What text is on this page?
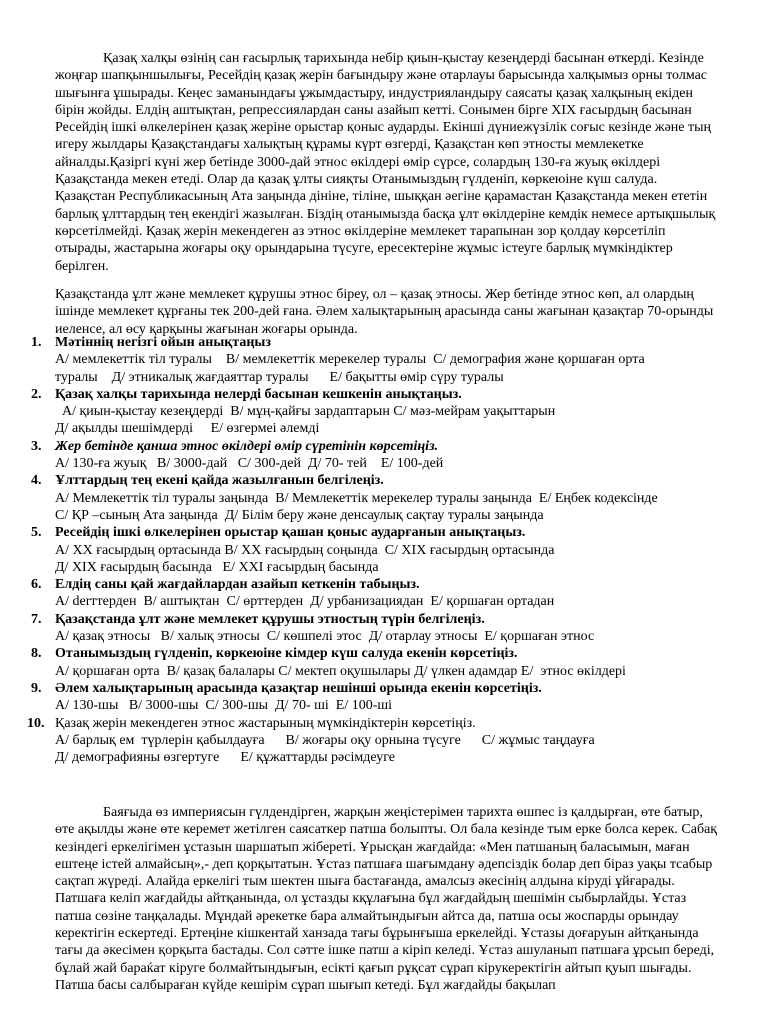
Қазақ халқы өзінің сан ғасырлық тарихында небір қиын-қыстау кезеңдерді басынан өткерді. Кезінде жоңғар шапқыншылығы, Ресейдің қазақ жерін бағындыру және отарлауы барысында халқымыз орны толмас шығынға ұшырады. Кеңес заманындағы ұжымдастыру, индустрияландыру саясаты қазақ халқының екіден бірін жойды. Елдің аштықтан, репрессиялардан саны азайып кетті. Сонымен бірге ХІХ ғасырдың басынан Ресейдің ішкі өлкелерінен қазақ жеріне орыстар қоныс аударды. Екінші дүниежүзілік соғыс кезінде және тың игеру жылдары Қазақстандағы халықтың құрамы күрт өзгерді, Қазақстан көп этносты мемлекетке айналды.Қазіргі күні жер бетінде 3000-дай этнос өкілдері өмір сүрсе, солардың 130-ға жуық өкілдері Қазақстанда мекен етеді. Олар да қазақ ұлты сияқты Отанымыздың гүлденіп, көркеюіне күш салуда. Қазақстан Республикасының Ата заңында дініне, тіліне, шыққан әегіне қарамастан Қазақстанда мекен ететін барлық ұлттардың тең екендігі жазылған. Біздің отанымызда басқа ұлт өкілдеріне кемдік немесе артықшылық көрсетілмейді. Қазақ жерін мекендеген аз этнос өкілдеріне мемлекет тарапынан зор қолдау көрсетіліп отырады, жастарына жоғары оқу орындарына түсуге, ересектеріне жұмыс істеуге барлық мүмкіндіктер берілген.

Қазақстанда ұлт және мемлекет құрушы этнос біреу, ол – қазақ этносы. Жер бетінде этнос көп, ал олардың ішінде мемлекет құрғаны тек 200-дей ғана. Әлем халықтарының арасында саны жағынан қазақтар 70-орынды иеленсе, ал өсу қарқыны жағынан жоғары орында.

1. Мәтіннің негізгі ойын анықтаңыз
А/ мемлекеттік тіл туралы    В/ мемлекеттік мерекелер туралы  С/ демография және қоршаған орта
туралы    Д/ этникалық жағдаяттар туралы      Е/ бақытты өмір сүру туралы
2. Қазақ халқы тарихында нелерді басынан кешкенін анықтаңыз.
А/ қиын-қыстау кезеңдерді  В/ мұң-қайғы зардаптарын С/ мәз-мейрам уақыттарын
Д/ ақылды шешімдерді     Е/ өзгермеі әлемді
3. Жер бетінде қанша этнос өкілдері өмір сүретінін көрсетіңіз.
А/ 130-ға жуық   В/ 3000-дай   С/ 300-дей  Д/ 70- тей    Е/ 100-дей
4. Ұлттардың тең екені қайда жазылғанын белгілеңіз.
А/ Мемлекеттік тіл туралы заңында  В/ Мемлекеттік мерекелер туралы заңында  Е/ Еңбек кодексінде
С/ ҚР –сының Ата заңында  Д/ Білім беру және денсаулық сақтау туралы заңында
5. Ресейдің ішкі өлкелерінен орыстар қашан қоныс аударғанын анықтаңыз.
А/ ХХ ғасырдың ортасында В/ ХХ ғасырдың соңында  С/ ХІХ ғасырдың ортасында
Д/ ХІХ ғасырдың басында   Е/ ХХІ ғасырдың басында
6. Елдің саны қай жағдайлардан азайып кеткенін табыңыз.
А/ derттерден  В/ аштықтан  С/ өрттерден  Д/ урбанизациядан  Е/ қоршаған ортадан
7. Қазақстанда ұлт және мемлекет құрушы этностың түрін белгілеңіз.
А/ қазақ этносы   В/ халық этносы  С/ көшпелі этос  Д/ отарлау этносы  Е/ қоршаған этнос
8. Отанымыздың гүлденіп, көркеюіне кімдер күш салуда екенін көрсетіңіз.
А/ қоршаған орта  В/ қазақ балалары С/ мектеп оқушылары Д/ үлкен адамдар Е/  этнос өкілдері
9. Әлем халықтарының арасында қазақтар нешінші орында екенін көрсетіңіз.
А/ 130-шы   В/ 3000-шы  С/ 300-шы  Д/ 70- ші  Е/ 100-ші
10. Қазақ жерін мекендеген этнос жастарының мүмкіндіктерін көрсетіңіз.
А/ барлық ем  түрлерін қабылдауға      В/ жоғары оқу орнына түсуге      С/ жұмыс таңдауға
Д/ демографияны өзгертуге      Е/ құжаттарды рәсімдеуге

Баяғыда өз империясын гүлдендірген, жарқын жеңістерімен тарихта өшпес із қалдырған, өте батыр, өте ақылды және өте керемет жетілген саясаткер патша болыпты. Ол бала кезінде тым ерке болса керек. Сабақ кезіндегі еркелігімен ұстазын шаршатып жібереті. Ұрысқан жағдайда: «Мен патшаның баласымын, маған ештеңе істей алмайсың»,- деп қорқытатын. Ұстаз патшаға шағымдану әдепсіздік болар деп біраз уақы тсабыр сақтап жүреді. Алайда еркелігі тым шектен шыға бастағанда, амалсыз әкесінің алдына кіруді ұйғарады. Патшаға келіп жағдайды айтқанында, ол ұстазды кқұлағына бұл жағдайдың шешімін сыбырлайды. Ұстаз патша сөзіне таңқалады. Мұндай әрекетке бара алмайтындығын айтса да, патша осы жоспарды орындау керектігін ескертеді. Ертеңіне кішкентай ханзада тағы бұрынғыша еркелейді. Ұстазы доғаруын айтқанында тағы да әкесімен қорқыта бастады. Сол сәтте ішке патш а кіріп келеді. Ұстаз ашуланып патшаға ұрсып береді, бұлай жай бараќат кіруге болмайтындығын, есікті қағып рұқсат сұрап кірукеректігін айтып қуып шығады. Патша басы салбыраған күйде кешірім сұрап шығып кетеді. Бұл жағдайды бақылап
